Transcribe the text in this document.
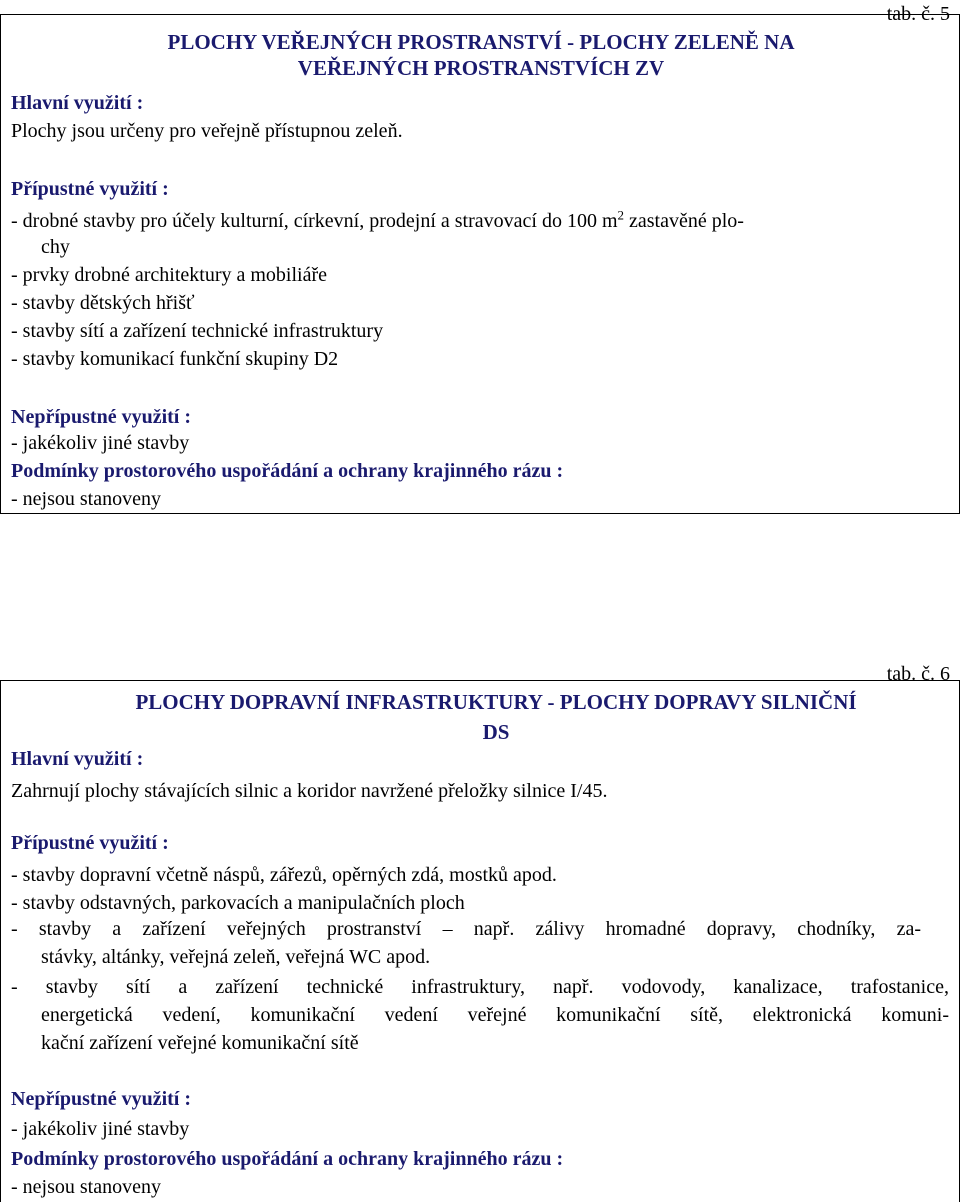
tab. č. 5
PLOCHY VEŘEJNÝCH PROSTRANSTVÍ - PLOCHY ZELENĚ NA
VEŘEJNÝCH PROSTRANSTVÍCH ZV
Hlavní využití :
Plochy jsou určeny pro veřejně přístupnou zeleň.
Přípustné využití :
- drobné stavby pro účely kulturní, církevní, prodejní a stravovací do 100 $m^2$ zastavěné plo-
chy
- prvky drobné architektury a mobiliáře
- stavby dětských hřišť
- stavby sítí a zařízení technické infrastruktury
- stavby komunikací funkční skupiny D2
Nepřípustné využití :
- jakékoliv jiné stavby
Podmínky prostorového uspořádání a ochrany krajinného rázu :
- nejsou stanoveny
tab. č. 6
PLOCHY DOPRAVNÍ INFRASTRUKTURY - PLOCHY DOPRAVY SILNIČNÍ
DS
Hlavní využití :
Zahrnují plochy stávajících silnic a koridor navržené přeložky silnice I/45.
Přípustné využití :
- stavby dopravní včetně náspů, zářezů, opěrných zdá, mostků apod.
- stavby odstavných, parkovacích a manipulačních ploch
- stavby a zařízení veřejných prostranství – např. zálivy hromadné dopravy, chodníky, za-
stávky, altánky, veřejná zeleň, veřejná WC apod.
- stavby sítí a zařízení technické infrastruktury, např. vodovody, kanalizace, trafostanice,
energetická vedení, komunikační vedení veřejné komunikační sítě, elektronická komuni-
kační zařízení veřejné komunikační sítě
Nepřípustné využití :
- jakékoliv jiné stavby
Podmínky prostorového uspořádání a ochrany krajinného rázu :
- nejsou stanoveny
